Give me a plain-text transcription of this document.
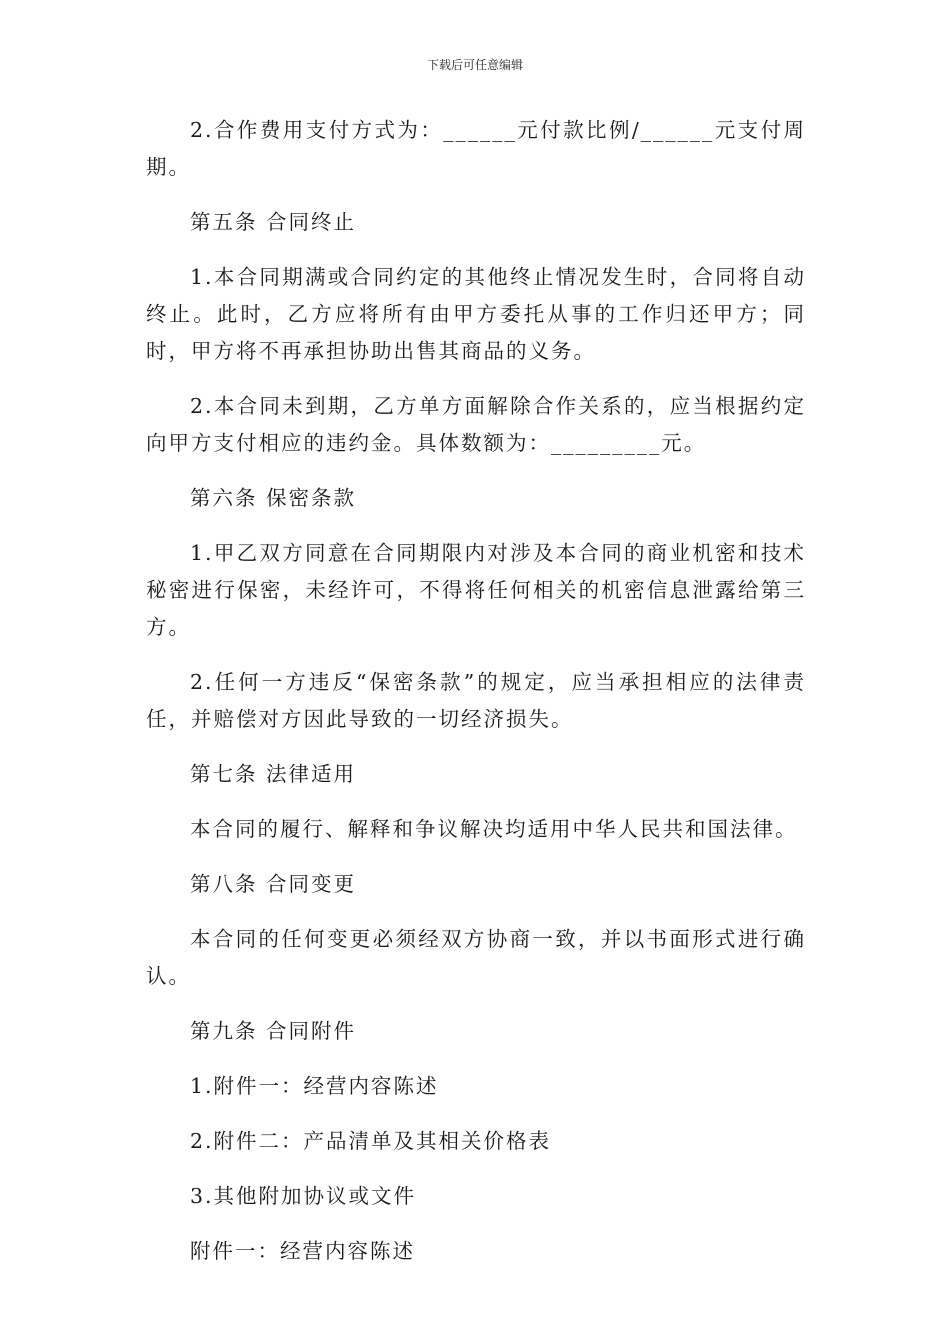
下载后可任意编辑

2.合作费用支付方式为：______元付款比例/______元支付周期。

第五条 合同终止

1.本合同期满或合同约定的其他终止情况发生时，合同将自动终止。此时，乙方应将所有由甲方委托从事的工作归还甲方；同时，甲方将不再承担协助出售其商品的义务。

2.本合同未到期，乙方单方面解除合作关系的，应当根据约定向甲方支付相应的违约金。具体数额为：_________元。

第六条 保密条款

1.甲乙双方同意在合同期限内对涉及本合同的商业机密和技术秘密进行保密，未经许可，不得将任何相关的机密信息泄露给第三方。

2.任何一方违反“保密条款”的规定，应当承担相应的法律责任，并赔偿对方因此导致的一切经济损失。

第七条 法律适用

本合同的履行、解释和争议解决均适用中华人民共和国法律。

第八条 合同变更

本合同的任何变更必须经双方协商一致，并以书面形式进行确认。

第九条 合同附件

1.附件一：经营内容陈述

2.附件二：产品清单及其相关价格表

3.其他附加协议或文件

附件一：经营内容陈述
